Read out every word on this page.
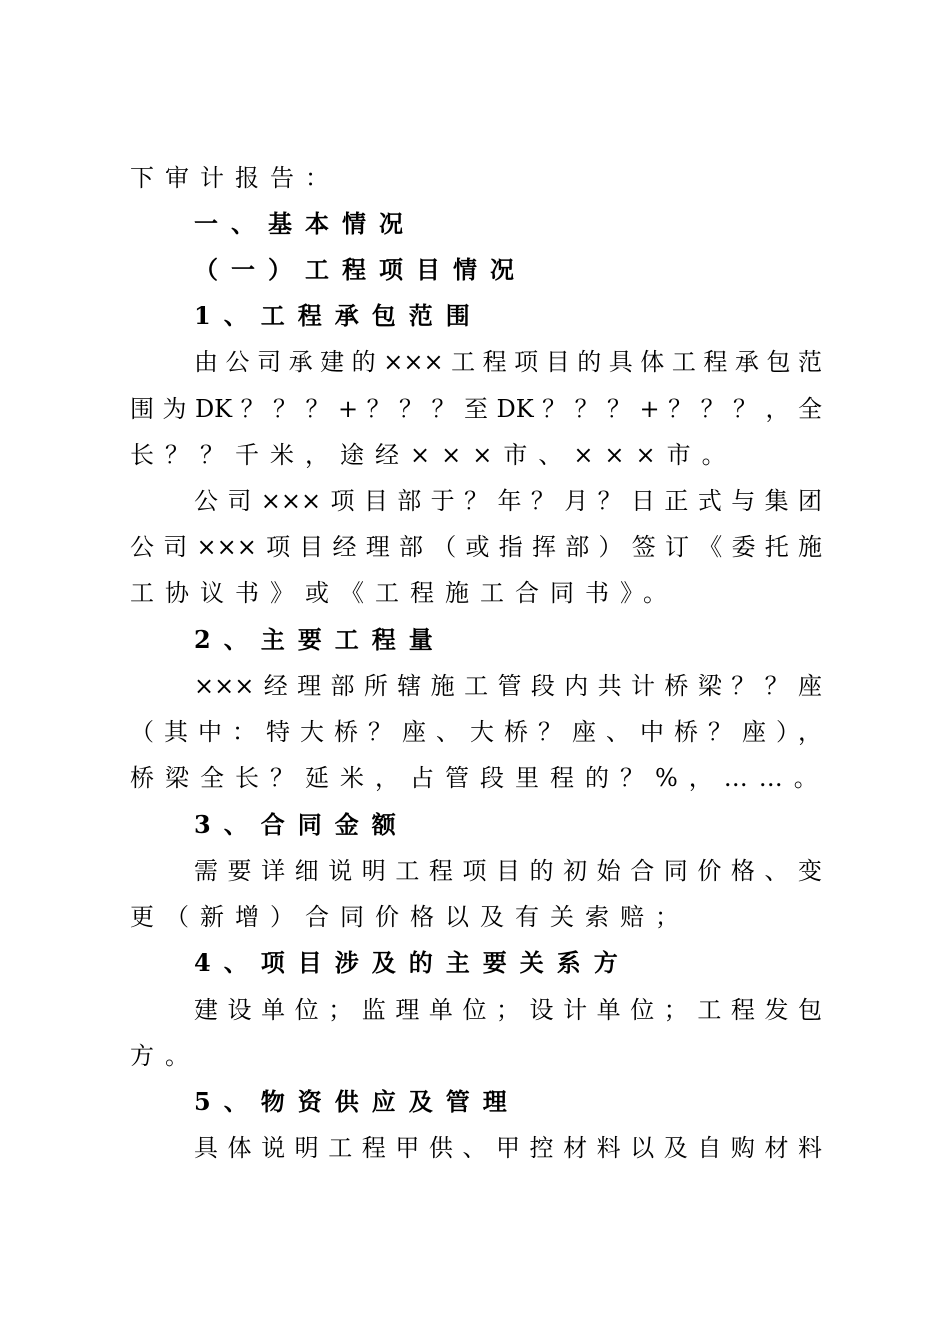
下审计报告：
一、基本情况
（一）工程项目情况
1、工程承包范围
由公司承建的×××工程项目的具体工程承包范
围为DK？？？+？？？至DK？？？+？？？，全
长？？千米，途经×××市、×××市。
公司×××项目部于？年？月？日正式与集团
公司×××项目经理部（或指挥部）签订《委托施
工协议书》或《工程施工合同书》。
2、主要工程量
×××经理部所辖施工管段内共计桥梁？？座
（其中：特大桥？座、大桥？座、中桥？座），
桥梁全长？延米，占管段里程的？%，……。
3、合同金额
需要详细说明工程项目的初始合同价格、变
更（新增）合同价格以及有关索赔；
4、项目涉及的主要关系方
建设单位；监理单位；设计单位；工程发包
方。
5、物资供应及管理
具体说明工程甲供、甲控材料以及自购材料
